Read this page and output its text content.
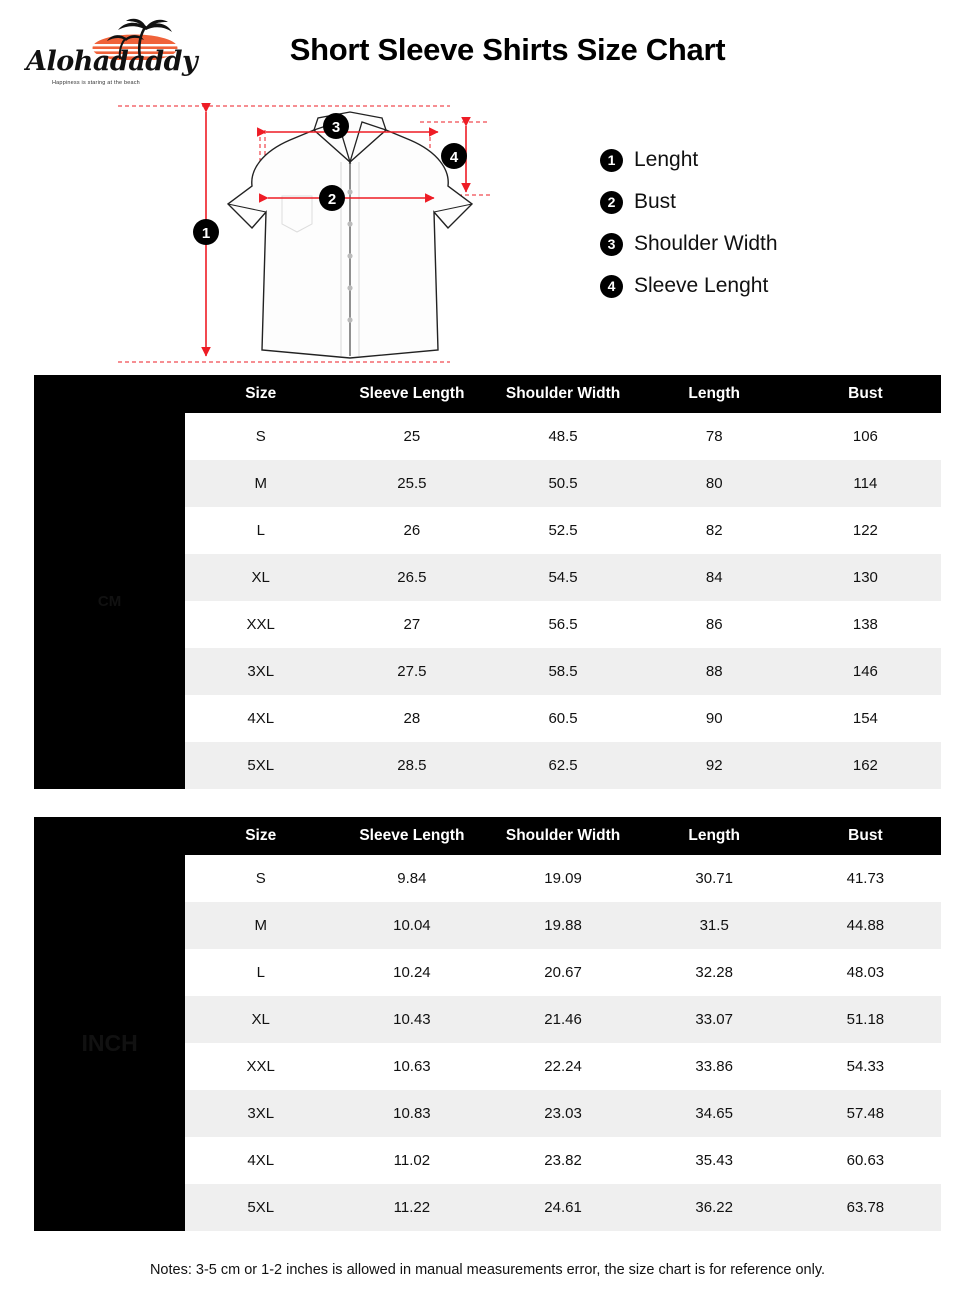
Alohadaddy
Happiness is staring at the beach
Short Sleeve Shirts Size Chart
1
2
3
4	1 Lenght
2 Bust
3 Shoulder Width
4 Sleeve Lenght
	Size	Sleeve Length	Shoulder Width	Length	Bust
CM	S	25	48.5	78	106
	M	25.5	50.5	80	114
	L	26	52.5	82	122
	XL	26.5	54.5	84	130
	XXL	27	56.5	86	138
	3XL	27.5	58.5	88	146
	4XL	28	60.5	90	154
	5XL	28.5	62.5	92	162
	Size	Sleeve Length	Shoulder Width	Length	Bust
INCH	S	9.84	19.09	30.71	41.73
	M	10.04	19.88	31.5	44.88
	L	10.24	20.67	32.28	48.03
	XL	10.43	21.46	33.07	51.18
	XXL	10.63	22.24	33.86	54.33
	3XL	10.83	23.03	34.65	57.48
	4XL	11.02	23.82	35.43	60.63
	5XL	11.22	24.61	36.22	63.78
Notes: 3-5 cm or 1-2 inches is allowed in manual measurements error, the size chart is for reference only.
